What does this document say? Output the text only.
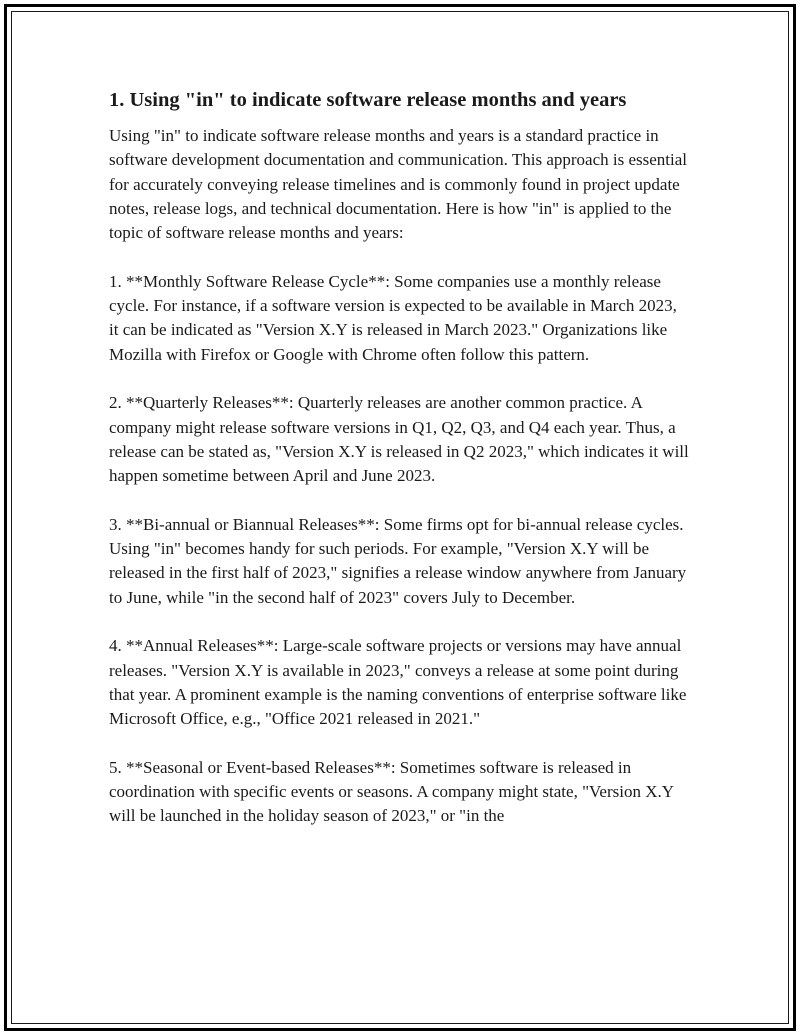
1. Using "in" to indicate software release months and years

Using "in" to indicate software release months and years is a standard practice in software development documentation and communication. This approach is essential for accurately conveying release timelines and is commonly found in project update notes, release logs, and technical documentation. Here is how "in" is applied to the topic of software release months and years:

1. **Monthly Software Release Cycle**: Some companies use a monthly release cycle. For instance, if a software version is expected to be available in March 2023, it can be indicated as "Version X.Y is released in March 2023." Organizations like Mozilla with Firefox or Google with Chrome often follow this pattern.

2. **Quarterly Releases**: Quarterly releases are another common practice. A company might release software versions in Q1, Q2, Q3, and Q4 each year. Thus, a release can be stated as, "Version X.Y is released in Q2 2023," which indicates it will happen sometime between April and June 2023.

3. **Bi-annual or Biannual Releases**: Some firms opt for bi-annual release cycles. Using "in" becomes handy for such periods. For example, "Version X.Y will be released in the first half of 2023," signifies a release window anywhere from January to June, while "in the second half of 2023" covers July to December.

4. **Annual Releases**: Large-scale software projects or versions may have annual releases. "Version X.Y is available in 2023," conveys a release at some point during that year. A prominent example is the naming conventions of enterprise software like Microsoft Office, e.g., "Office 2021 released in 2021."

5. **Seasonal or Event-based Releases**: Sometimes software is released in coordination with specific events or seasons. A company might state, "Version X.Y will be launched in the holiday season of 2023," or "in the
